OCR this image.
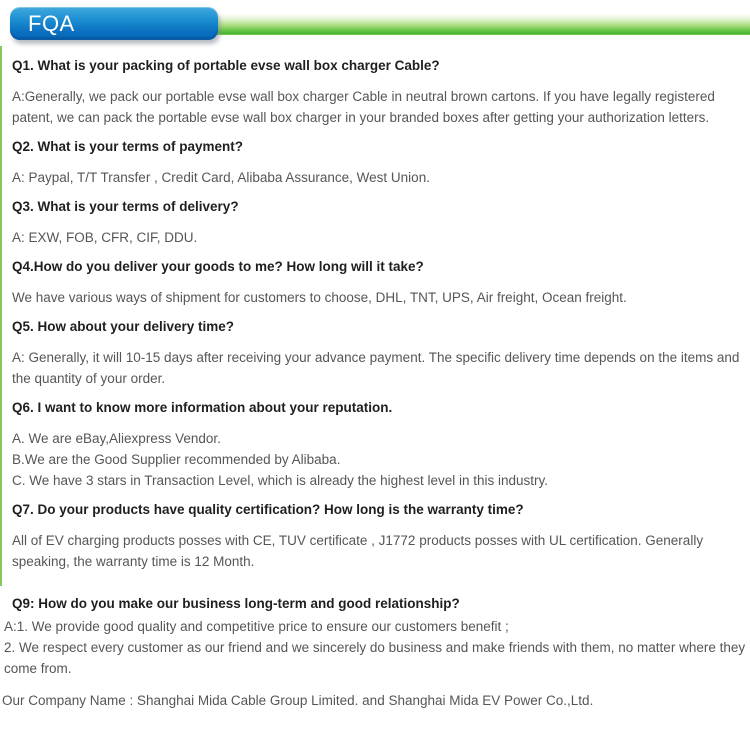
FQA

Q1. What is your packing of portable evse wall box charger Cable?

A:Generally, we pack our portable evse wall box charger Cable in neutral brown cartons. If you have legally registered patent, we can pack the portable evse wall box charger in your branded boxes after getting your authorization letters.

Q2. What is your terms of payment?

A: Paypal, T/T Transfer , Credit Card, Alibaba Assurance, West Union.

Q3. What is your terms of delivery?

A: EXW, FOB, CFR, CIF, DDU.

Q4.How do you deliver your goods to me? How long will it take?

We have various ways of shipment for customers to choose, DHL, TNT, UPS, Air freight, Ocean freight.

Q5. How about your delivery time?

A: Generally, it will 10-15 days after receiving your advance payment. The specific delivery time depends on the items and the quantity of your order.

Q6. I want to know more information about your reputation.

A. We are eBay,Aliexpress Vendor.

B.We are the Good Supplier recommended by Alibaba.

C. We have 3 stars in Transaction Level, which is already the highest level in this industry.

Q7. Do your products have quality certification? How long is the warranty time?

All of EV charging products posses with CE, TUV certificate , J1772 products posses with UL certification. Generally speaking, the warranty time is 12 Month.

Q9: How do you make our business long-term and good relationship?

A:1. We provide good quality and competitive price to ensure our customers benefit ;

2. We respect every customer as our friend and we sincerely do business and make friends with them, no matter where they come from.

Our Company Name : Shanghai Mida Cable Group Limited. and Shanghai Mida EV Power Co.,Ltd.
